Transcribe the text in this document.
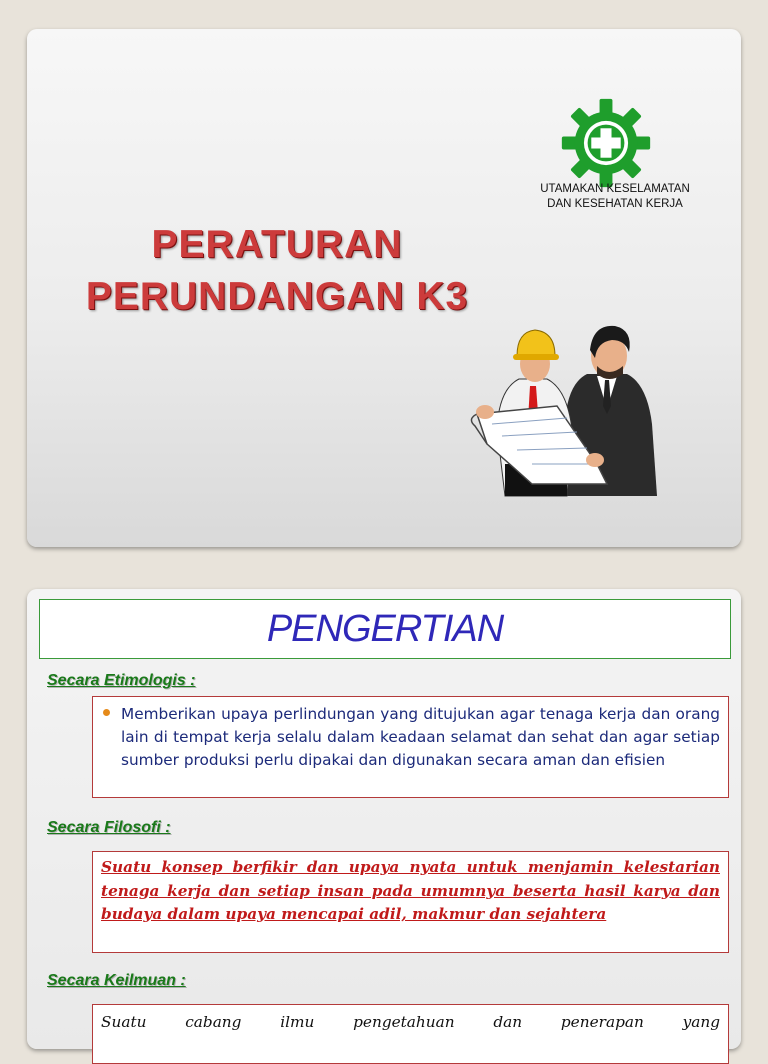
PERATURAN
PERUNDANGAN K3
UTAMAKAN KESELAMATAN
DAN KESEHATAN KERJA
PENGERTIAN
Secara Etimologis :

Memberikan upaya perlindungan yang ditujukan agar tenaga kerja dan orang lain di tempat kerja selalu dalam keadaan selamat dan sehat dan agar setiap sumber produksi perlu dipakai dan digunakan secara aman dan efisien

Secara Filosofi :

Suatu konsep berfikir dan upaya nyata untuk menjamin kelestarian tenaga kerja dan setiap insan pada umumnya beserta hasil karya dan budaya dalam upaya mencapai adil, makmur dan sejahtera

Secara Keilmuan :

Suatu cabang ilmu pengetahuan dan penerapan yang
